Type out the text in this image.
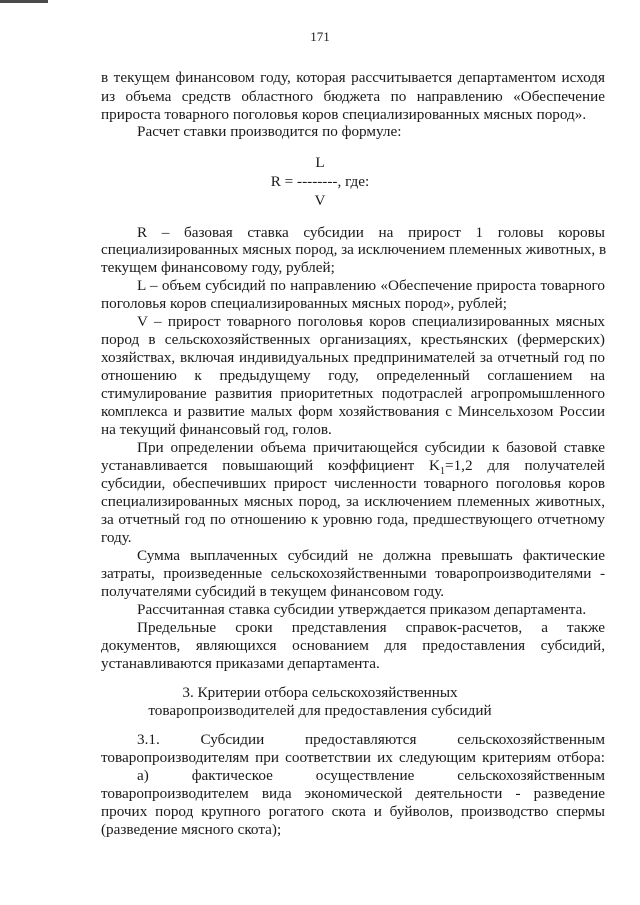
171
в текущем финансовом году, которая рассчитывается департаментом исходя
из объема средств областного бюджета по направлению «Обеспечение
прироста товарного поголовья коров специализированных мясных пород».
Расчет ставки производится по формуле:
L
R = --------, где:
V
R – базовая ставка субсидии на прирост 1 головы коровы
специализированных мясных пород, за исключением племенных животных, в
текущем финансовому году, рублей;
L – объем субсидий по направлению «Обеспечение прироста товарного
поголовья коров специализированных мясных пород», рублей;
V – прирост товарного поголовья коров специализированных мясных
пород в сельскохозяйственных организациях, крестьянских (фермерских)
хозяйствах, включая индивидуальных предпринимателей за отчетный год по
отношению к предыдущему году, определенный соглашением на
стимулирование развития приоритетных подотраслей агропромышленного
комплекса и развитие малых форм хозяйствования с Минсельхозом России
на текущий финансовый год, голов.
При определении объема причитающейся субсидии к базовой ставке
устанавливается повышающий коэффициент $K_1=1,2$ для получателей
субсидии, обеспечивших прирост численности товарного поголовья коров
специализированных мясных пород, за исключением племенных животных,
за отчетный год по отношению к уровню года, предшествующего отчетному
году.
Сумма выплаченных субсидий не должна превышать фактические
затраты, произведенные сельскохозяйственными товаропроизводителями -
получателями субсидий в текущем финансовом году.
Рассчитанная ставка субсидии утверждается приказом департамента.
Предельные сроки представления справок-расчетов, а также
документов, являющихся основанием для предоставления субсидий,
устанавливаются приказами департамента.
3. Критерии отбора сельскохозяйственных
товаропроизводителей для предоставления субсидий
3.1. Субсидии предоставляются сельскохозяйственным
товаропроизводителям при соответствии их следующим критериям отбора:
а) фактическое осуществление сельскохозяйственным
товаропроизводителем вида экономической деятельности - разведение
прочих пород крупного рогатого скота и буйволов, производство спермы
(разведение мясного скота);
